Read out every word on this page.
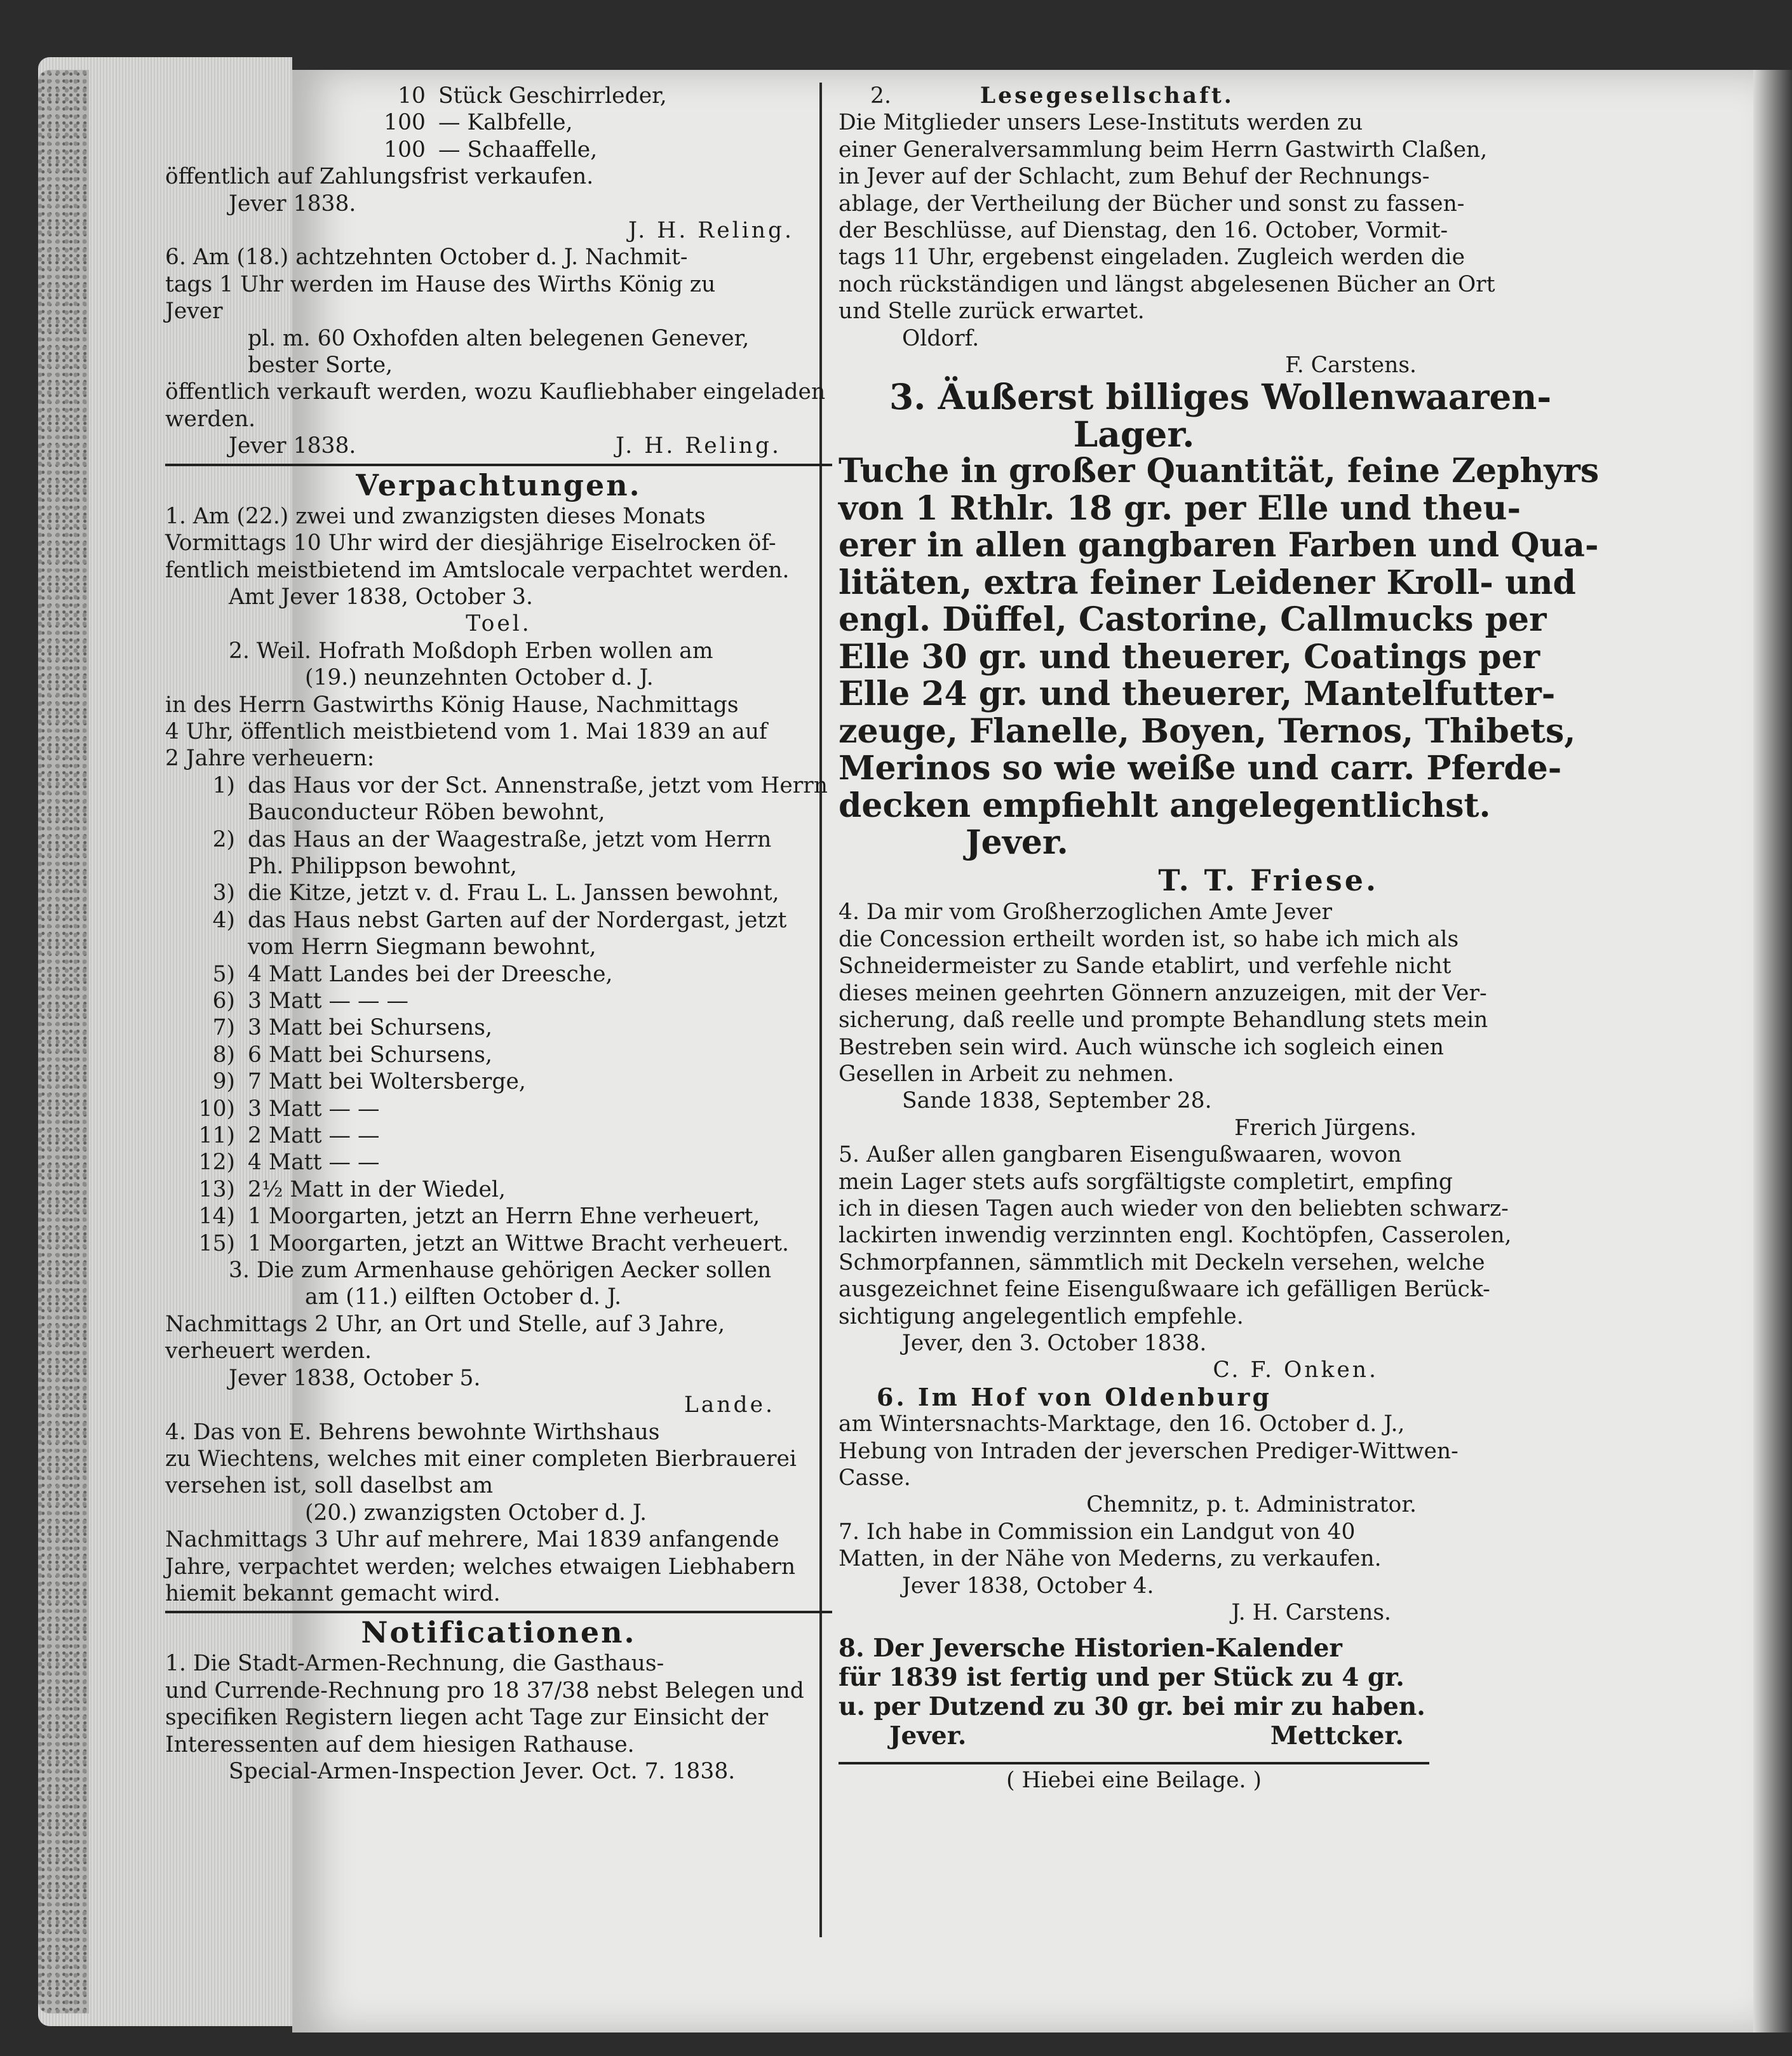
10 Stück Geschirrleder,
100 — Kalbfelle,
100 — Schaaffelle,
öffentlich auf Zahlungsfrist verkaufen.
Jever 1838.
J. H. Reling.
6. Am (18.) achtzehnten October d. J. Nachmit-
tags 1 Uhr werden im Hause des Wirths König zu
Jever
pl. m. 60 Oxhofden alten belegenen Genever,
bester Sorte,
öffentlich verkauft werden, wozu Kaufliebhaber eingeladen
werden.
Jever 1838.	J. H. Reling.
Verpachtungen.
1. Am (22.) zwei und zwanzigsten dieses Monats
Vormittags 10 Uhr wird der diesjährige Eiselrocken öf-
fentlich meistbietend im Amtslocale verpachtet werden.
Amt Jever 1838, October 3.
Toel.
2. Weil. Hofrath Moßdoph Erben wollen am
(19.) neunzehnten October d. J.
in des Herrn Gastwirths König Hause, Nachmittags
4 Uhr, öffentlich meistbietend vom 1. Mai 1839 an auf
2 Jahre verheuern:
1) das Haus vor der Sct. Annenstraße, jetzt vom Herrn
Bauconducteur Röben bewohnt,
2) das Haus an der Waagestraße, jetzt vom Herrn
Ph. Philippson bewohnt,
3) die Kitze, jetzt v. d. Frau L. L. Janssen bewohnt,
4) das Haus nebst Garten auf der Nordergast, jetzt
vom Herrn Siegmann bewohnt,
5) 4 Matt Landes bei der Dreesche,
6) 3 Matt — — —
7) 3 Matt bei Schursens,
8) 6 Matt bei Schursens,
9) 7 Matt bei Woltersberge,
10) 3 Matt — —
11) 2 Matt — —
12) 4 Matt — —
13) 2½ Matt in der Wiedel,
14) 1 Moorgarten, jetzt an Herrn Ehne verheuert,
15) 1 Moorgarten, jetzt an Wittwe Bracht verheuert.
3. Die zum Armenhause gehörigen Aecker sollen
am (11.) eilften October d. J.
Nachmittags 2 Uhr, an Ort und Stelle, auf 3 Jahre,
verheuert werden.
Jever 1838, October 5.
Lande.
4. Das von E. Behrens bewohnte Wirthshaus
zu Wiechtens, welches mit einer completen Bierbrauerei
versehen ist, soll daselbst am
(20.) zwanzigsten October d. J.
Nachmittags 3 Uhr auf mehrere, Mai 1839 anfangende
Jahre, verpachtet werden; welches etwaigen Liebhabern
hiemit bekannt gemacht wird.
Notificationen.
1. Die Stadt-Armen-Rechnung, die Gasthaus-
und Currende-Rechnung pro 18 37/38 nebst Belegen und
specifiken Registern liegen acht Tage zur Einsicht der
Interessenten auf dem hiesigen Rathause.
Special-Armen-Inspection Jever. Oct. 7. 1838.
2.	Lesegesellschaft.
Die Mitglieder unsers Lese-Instituts werden zu
einer Generalversammlung beim Herrn Gastwirth Claßen,
in Jever auf der Schlacht, zum Behuf der Rechnungs-
ablage, der Vertheilung der Bücher und sonst zu fassen-
der Beschlüsse, auf Dienstag, den 16. October, Vormit-
tags 11 Uhr, ergebenst eingeladen. Zugleich werden die
noch rückständigen und längst abgelesenen Bücher an Ort
und Stelle zurück erwartet.
Oldorf.
F. Carstens.
3. Äußerst billiges Wollenwaaren-
Lager.
Tuche in großer Quantität, feine Zephyrs
von 1 Rthlr. 18 gr. per Elle und theu-
erer in allen gangbaren Farben und Qua-
litäten, extra feiner Leidener Kroll- und
engl. Düffel, Castorine, Callmucks per
Elle 30 gr. und theuerer, Coatings per
Elle 24 gr. und theuerer, Mantelfutter-
zeuge, Flanelle, Boyen, Ternos, Thibets,
Merinos so wie weiße und carr. Pferde-
decken empfiehlt angelegentlichst.
Jever.
T. T. Friese.
4. Da mir vom Großherzoglichen Amte Jever
die Concession ertheilt worden ist, so habe ich mich als
Schneidermeister zu Sande etablirt, und verfehle nicht
dieses meinen geehrten Gönnern anzuzeigen, mit der Ver-
sicherung, daß reelle und prompte Behandlung stets mein
Bestreben sein wird. Auch wünsche ich sogleich einen
Gesellen in Arbeit zu nehmen.
Sande 1838, September 28.
Frerich Jürgens.
5. Außer allen gangbaren Eisengußwaaren, wovon
mein Lager stets aufs sorgfältigste completirt, empfing
ich in diesen Tagen auch wieder von den beliebten schwarz-
lackirten inwendig verzinnten engl. Kochtöpfen, Casserolen,
Schmorpfannen, sämmtlich mit Deckeln versehen, welche
ausgezeichnet feine Eisengußwaare ich gefälligen Berück-
sichtigung angelegentlich empfehle.
Jever, den 3. October 1838.
C. F. Onken.
6. Im Hof von Oldenburg
am Wintersnachts-Marktage, den 16. October d. J.,
Hebung von Intraden der jeverschen Prediger-Wittwen-
Casse.
Chemnitz, p. t. Administrator.
7. Ich habe in Commission ein Landgut von 40
Matten, in der Nähe von Mederns, zu verkaufen.
Jever 1838, October 4.
J. H. Carstens.
8. Der Jeversche Historien-Kalender
für 1839 ist fertig und per Stück zu 4 gr.
u. per Dutzend zu 30 gr. bei mir zu haben.
Jever.	Mettcker.
( Hiebei eine Beilage. )
